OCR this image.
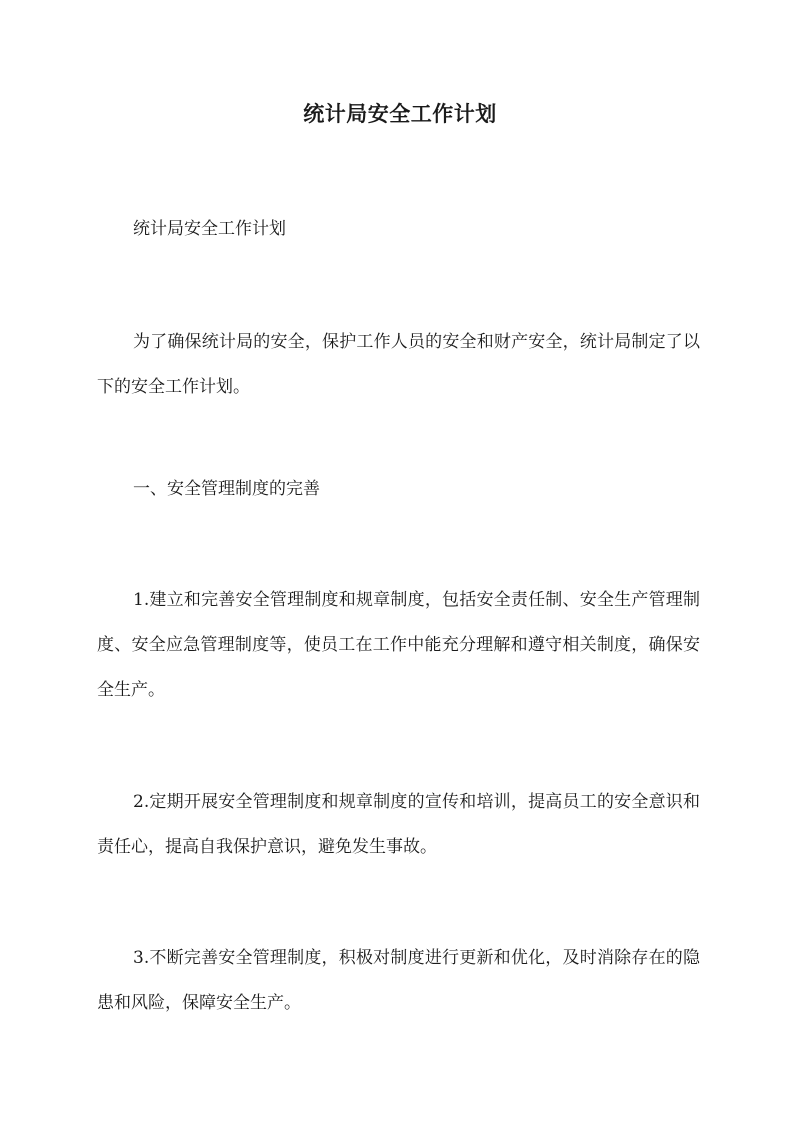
统计局安全工作计划
统计局安全工作计划
为了确保统计局的安全，保护工作人员的安全和财产安全，统计局制定了以下的安全工作计划。
一、安全管理制度的完善
1.建立和完善安全管理制度和规章制度，包括安全责任制、安全生产管理制度、安全应急管理制度等，使员工在工作中能充分理解和遵守相关制度，确保安全生产。
2.定期开展安全管理制度和规章制度的宣传和培训，提高员工的安全意识和责任心，提高自我保护意识，避免发生事故。
3.不断完善安全管理制度，积极对制度进行更新和优化，及时消除存在的隐患和风险，保障安全生产。
